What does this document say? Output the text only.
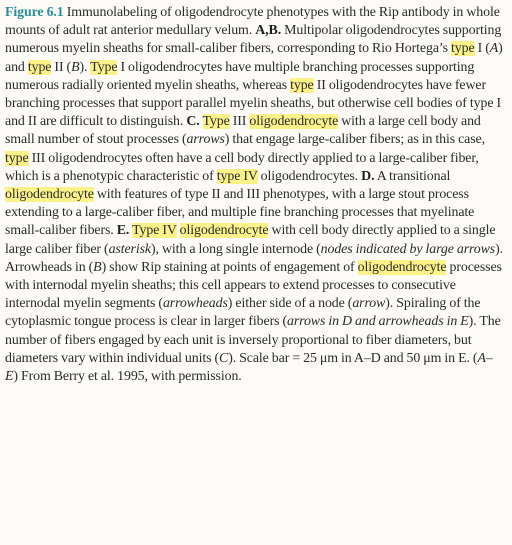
Figure 6.1 Immunolabeling of oligodendrocyte phenotypes with the Rip antibody in whole mounts of adult rat anterior medullary velum. A,B. Multipolar oligodendrocytes supporting numerous myelin sheaths for small-caliber fibers, corresponding to Rio Hortega’s type I (A) and type II (B). Type I oligodendrocytes have multiple branching processes supporting numerous radially oriented myelin sheaths, whereas type II oligodendrocytes have fewer branching processes that support parallel myelin sheaths, but otherwise cell bodies of type I and II are difficult to distinguish. C. Type III oligodendrocyte with a large cell body and small number of stout processes (arrows) that engage large-caliber fibers; as in this case, type III oligodendrocytes often have a cell body directly applied to a large-caliber fiber, which is a phenotypic characteristic of type IV oligodendrocytes. D. A transitional oligodendrocyte with features of type II and III phenotypes, with a large stout process extending to a large-caliber fiber, and multiple fine branching processes that myelinate small-caliber fibers. E. Type IV oligodendrocyte with cell body directly applied to a single large caliber fiber (asterisk), with a long single internode (nodes indicated by large arrows). Arrowheads in (B) show Rip staining at points of engagement of oligodendrocyte processes with internodal myelin sheaths; this cell appears to extend processes to consecutive internodal myelin segments (arrowheads) either side of a node (arrow). Spiraling of the cytoplasmic tongue process is clear in larger fibers (arrows in D and arrowheads in E). The number of fibers engaged by each unit is inversely proportional to fiber diameters, but diameters vary within individual units (C). Scale bar = 25 μm in A–D and 50 μm in E. (A–E) From Berry et al. 1995, with permission.
